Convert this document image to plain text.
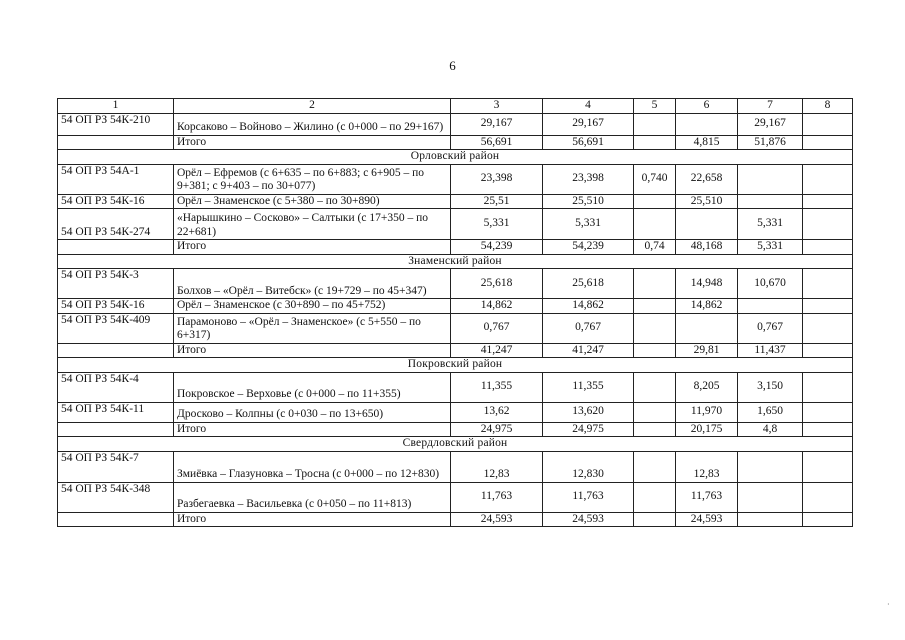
6
1	2	3	4	5	6	7	8
54 ОП РЗ 54К-210	Корсаково – Войново – Жилино (с 0+000 – по 29+167)	29,167	29,167			29,167	
	Итого	56,691	56,691		4,815	51,876	
Орловский район							
54 ОП РЗ 54А-1	Орёл – Ефремов (с 6+635 – по 6+883; с 6+905 – по 9+381; с 9+403 – по 30+077)	23,398	23,398	0,740	22,658		
54 ОП РЗ 54К-16	Орёл – Знаменское (с 5+380 – по 30+890)	25,51	25,510		25,510		
54 ОП РЗ 54К-274	«Нарышкино – Сосково» – Салтыки (с 17+350 – по 22+681)	5,331	5,331			5,331	
	Итого	54,239	54,239	0,74	48,168	5,331	
Знаменский район							
54 ОП РЗ 54К-3	Болхов – «Орёл – Витебск» (с 19+729 – по 45+347)	25,618	25,618		14,948	10,670	
54 ОП РЗ 54К-16	Орёл – Знаменское (с 30+890 – по 45+752)	14,862	14,862		14,862		
54 ОП РЗ 54К-409	Парамоново – «Орёл – Знаменское» (с 5+550 – по 6+317)	0,767	0,767			0,767	
	Итого	41,247	41,247		29,81	11,437	
Покровский район							
54 ОП РЗ 54К-4	Покровское – Верховье (с 0+000 – по 11+355)	11,355	11,355		8,205	3,150	
54 ОП РЗ 54К-11	Дросково – Колпны (с 0+030 – по 13+650)	13,62	13,620		11,970	1,650	
	Итого	24,975	24,975		20,175	4,8	
Свердловский район							
54 ОП РЗ 54К-7	Змиёвка – Глазуновка – Тросна (с 0+000 – по 12+830)	12,83	12,830		12,83		
54 ОП РЗ 54К-348	Разбегаевка – Васильевка (с 0+050 – по 11+813)	11,763	11,763		11,763		
	Итого	24,593	24,593		24,593		
·
